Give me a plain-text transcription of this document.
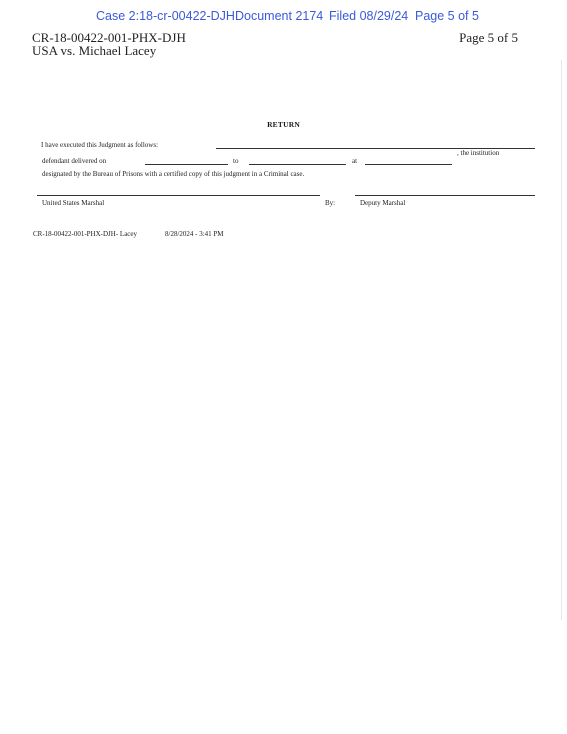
Case 2:18-cr-00422-DJH Document 2174 Filed 08/29/24 Page 5 of 5
CR-18-00422-001-PHX-DJH
USA vs. Michael Lacey
Page 5 of 5
RETURN
I have executed this Judgment as follows:
, the institution
defendant delivered on	to	at
designated by the Bureau of Prisons with a certified copy of this judgment in a Criminal case.
United States Marshal	By:	Deputy Marshal
CR-18-00422-001-PHX-DJH- Lacey	8/28/2024 - 3:41 PM
